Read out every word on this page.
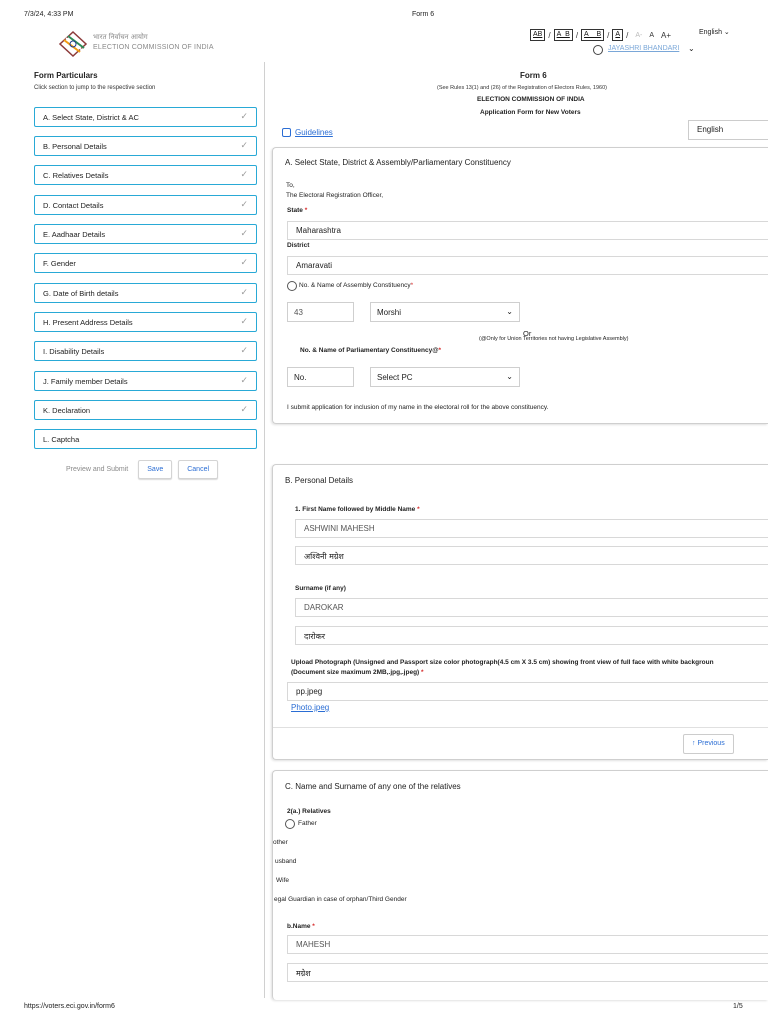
7/3/24, 4:33 PM	Form 6
भारत निर्वाचन आयोग
ELECTION COMMISSION OF INDIA
AB / A_B / A__B / A / A- A A+	English ⌄
JAYASHRI BHANDARI ⌄
Form Particulars
Click section to jump to the respective section
A. Select State, District & AC	✓
B. Personal Details	✓
C. Relatives Details	✓
D. Contact Details	✓
E. Aadhaar Details	✓
F. Gender	✓
G. Date of Birth details	✓
H. Present Address Details	✓
I. Disability Details	✓
J. Family member Details	✓
K. Declaration	✓
L. Captcha
Preview and Submit	Save	Cancel
Form 6
(See Rules 13(1) and (26) of the Registration of Electors Rules, 1960)
ELECTION COMMISSION OF INDIA
Application Form for New Voters
Guidelines	English
A. Select State, District & Assembly/Parliamentary Constituency
To,
The Electoral Registration Officer,
State *
Maharashtra
District
Amaravati
No. & Name of Assembly Constituency*
43	Morshi	⌄
Or
(@Only for Union Territories not having Legislative Assembly)
No. & Name of Parliamentary Constituency@*
No.	Select PC	⌄
I submit application for inclusion of my name in the electoral roll for the above constituency.
B. Personal Details
1. First Name followed by Middle Name *
ASHWINI MAHESH
अश्विनी मग्रेश
Surname (if any)
DAROKAR
दारोकर
Upload Photograph (Unsigned and Passport size color photograph(4.5 cm X 3.5 cm) showing front view of full face with white backgroun
(Document size maximum 2MB,.jpg,.jpeg) *
pp.jpeg
Photo.jpeg
↑ Previous
C. Name and Surname of any one of the relatives
2(a.) Relatives
Father
other
usband
Wife
egal Guardian in case of orphan/Third Gender
b.Name *
MAHESH
मग्रेश
https://voters.eci.gov.in/form6	1/5
